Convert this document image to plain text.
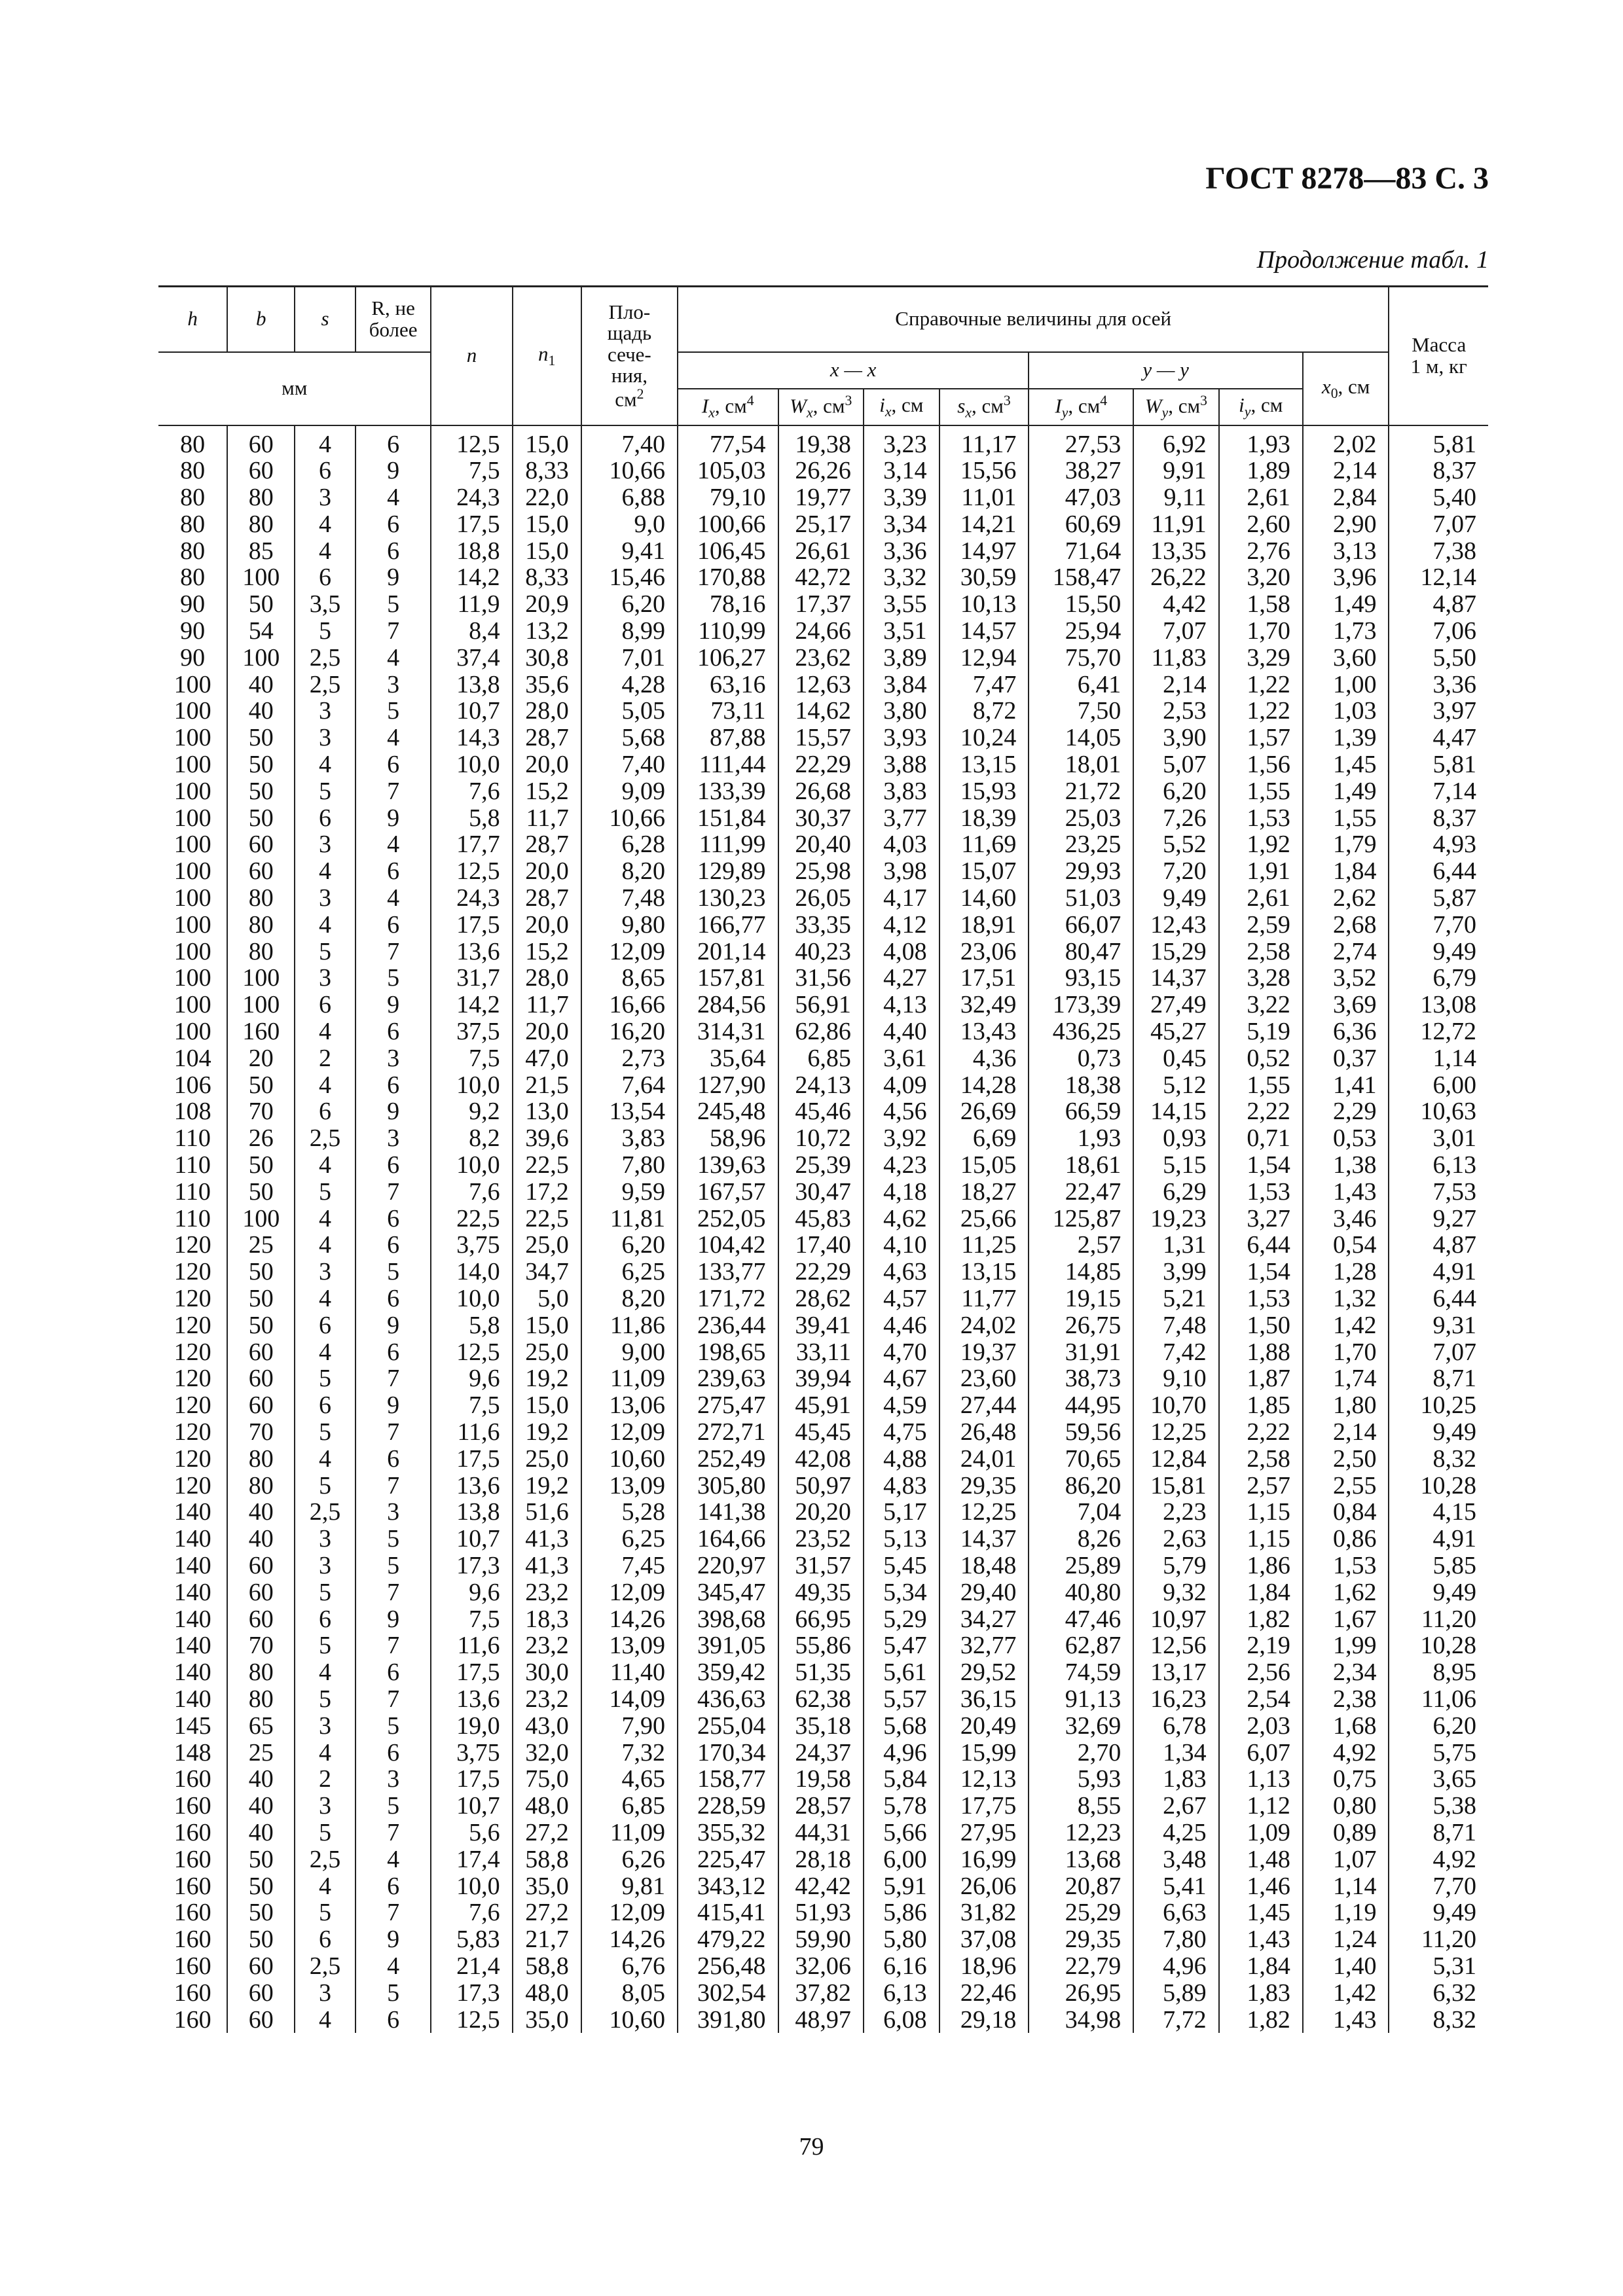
ГОСТ 8278—83 С. 3
Продолжение табл. 1
h	b	s	R, не более	n	$n_1$	Пло-
щадь
сече-
ния,
$см^2$	Справочные величины для осей								Масса
1 м, кг
мм							x — x				y — y			$x_0$, см	
							$I_x$, $см^4$	$W_x$, $см^3$	$i_x$, см	$s_x$, $см^3$	$I_y$, $см^4$	$W_y$, $см^3$	$i_y$, см		
80	60	4	6	12,5	15,0	7,40	77,54	19,38	3,23	11,17	27,53	6,92	1,93	2,02	5,81
80	60	6	9	7,5	8,33	10,66	105,03	26,26	3,14	15,56	38,27	9,91	1,89	2,14	8,37
80	80	3	4	24,3	22,0	6,88	79,10	19,77	3,39	11,01	47,03	9,11	2,61	2,84	5,40
80	80	4	6	17,5	15,0	9,0	100,66	25,17	3,34	14,21	60,69	11,91	2,60	2,90	7,07
80	85	4	6	18,8	15,0	9,41	106,45	26,61	3,36	14,97	71,64	13,35	2,76	3,13	7,38
80	100	6	9	14,2	8,33	15,46	170,88	42,72	3,32	30,59	158,47	26,22	3,20	3,96	12,14
90	50	3,5	5	11,9	20,9	6,20	78,16	17,37	3,55	10,13	15,50	4,42	1,58	1,49	4,87
90	54	5	7	8,4	13,2	8,99	110,99	24,66	3,51	14,57	25,94	7,07	1,70	1,73	7,06
90	100	2,5	4	37,4	30,8	7,01	106,27	23,62	3,89	12,94	75,70	11,83	3,29	3,60	5,50
100	40	2,5	3	13,8	35,6	4,28	63,16	12,63	3,84	7,47	6,41	2,14	1,22	1,00	3,36
100	40	3	5	10,7	28,0	5,05	73,11	14,62	3,80	8,72	7,50	2,53	1,22	1,03	3,97
100	50	3	4	14,3	28,7	5,68	87,88	15,57	3,93	10,24	14,05	3,90	1,57	1,39	4,47
100	50	4	6	10,0	20,0	7,40	111,44	22,29	3,88	13,15	18,01	5,07	1,56	1,45	5,81
100	50	5	7	7,6	15,2	9,09	133,39	26,68	3,83	15,93	21,72	6,20	1,55	1,49	7,14
100	50	6	9	5,8	11,7	10,66	151,84	30,37	3,77	18,39	25,03	7,26	1,53	1,55	8,37
100	60	3	4	17,7	28,7	6,28	111,99	20,40	4,03	11,69	23,25	5,52	1,92	1,79	4,93
100	60	4	6	12,5	20,0	8,20	129,89	25,98	3,98	15,07	29,93	7,20	1,91	1,84	6,44
100	80	3	4	24,3	28,7	7,48	130,23	26,05	4,17	14,60	51,03	9,49	2,61	2,62	5,87
100	80	4	6	17,5	20,0	9,80	166,77	33,35	4,12	18,91	66,07	12,43	2,59	2,68	7,70
100	80	5	7	13,6	15,2	12,09	201,14	40,23	4,08	23,06	80,47	15,29	2,58	2,74	9,49
100	100	3	5	31,7	28,0	8,65	157,81	31,56	4,27	17,51	93,15	14,37	3,28	3,52	6,79
100	100	6	9	14,2	11,7	16,66	284,56	56,91	4,13	32,49	173,39	27,49	3,22	3,69	13,08
100	160	4	6	37,5	20,0	16,20	314,31	62,86	4,40	13,43	436,25	45,27	5,19	6,36	12,72
104	20	2	3	7,5	47,0	2,73	35,64	6,85	3,61	4,36	0,73	0,45	0,52	0,37	1,14
106	50	4	6	10,0	21,5	7,64	127,90	24,13	4,09	14,28	18,38	5,12	1,55	1,41	6,00
108	70	6	9	9,2	13,0	13,54	245,48	45,46	4,56	26,69	66,59	14,15	2,22	2,29	10,63
110	26	2,5	3	8,2	39,6	3,83	58,96	10,72	3,92	6,69	1,93	0,93	0,71	0,53	3,01
110	50	4	6	10,0	22,5	7,80	139,63	25,39	4,23	15,05	18,61	5,15	1,54	1,38	6,13
110	50	5	7	7,6	17,2	9,59	167,57	30,47	4,18	18,27	22,47	6,29	1,53	1,43	7,53
110	100	4	6	22,5	22,5	11,81	252,05	45,83	4,62	25,66	125,87	19,23	3,27	3,46	9,27
120	25	4	6	3,75	25,0	6,20	104,42	17,40	4,10	11,25	2,57	1,31	6,44	0,54	4,87
120	50	3	5	14,0	34,7	6,25	133,77	22,29	4,63	13,15	14,85	3,99	1,54	1,28	4,91
120	50	4	6	10,0	5,0	8,20	171,72	28,62	4,57	11,77	19,15	5,21	1,53	1,32	6,44
120	50	6	9	5,8	15,0	11,86	236,44	39,41	4,46	24,02	26,75	7,48	1,50	1,42	9,31
120	60	4	6	12,5	25,0	9,00	198,65	33,11	4,70	19,37	31,91	7,42	1,88	1,70	7,07
120	60	5	7	9,6	19,2	11,09	239,63	39,94	4,67	23,60	38,73	9,10	1,87	1,74	8,71
120	60	6	9	7,5	15,0	13,06	275,47	45,91	4,59	27,44	44,95	10,70	1,85	1,80	10,25
120	70	5	7	11,6	19,2	12,09	272,71	45,45	4,75	26,48	59,56	12,25	2,22	2,14	9,49
120	80	4	6	17,5	25,0	10,60	252,49	42,08	4,88	24,01	70,65	12,84	2,58	2,50	8,32
120	80	5	7	13,6	19,2	13,09	305,80	50,97	4,83	29,35	86,20	15,81	2,57	2,55	10,28
140	40	2,5	3	13,8	51,6	5,28	141,38	20,20	5,17	12,25	7,04	2,23	1,15	0,84	4,15
140	40	3	5	10,7	41,3	6,25	164,66	23,52	5,13	14,37	8,26	2,63	1,15	0,86	4,91
140	60	3	5	17,3	41,3	7,45	220,97	31,57	5,45	18,48	25,89	5,79	1,86	1,53	5,85
140	60	5	7	9,6	23,2	12,09	345,47	49,35	5,34	29,40	40,80	9,32	1,84	1,62	9,49
140	60	6	9	7,5	18,3	14,26	398,68	66,95	5,29	34,27	47,46	10,97	1,82	1,67	11,20
140	70	5	7	11,6	23,2	13,09	391,05	55,86	5,47	32,77	62,87	12,56	2,19	1,99	10,28
140	80	4	6	17,5	30,0	11,40	359,42	51,35	5,61	29,52	74,59	13,17	2,56	2,34	8,95
140	80	5	7	13,6	23,2	14,09	436,63	62,38	5,57	36,15	91,13	16,23	2,54	2,38	11,06
145	65	3	5	19,0	43,0	7,90	255,04	35,18	5,68	20,49	32,69	6,78	2,03	1,68	6,20
148	25	4	6	3,75	32,0	7,32	170,34	24,37	4,96	15,99	2,70	1,34	6,07	4,92	5,75
160	40	2	3	17,5	75,0	4,65	158,77	19,58	5,84	12,13	5,93	1,83	1,13	0,75	3,65
160	40	3	5	10,7	48,0	6,85	228,59	28,57	5,78	17,75	8,55	2,67	1,12	0,80	5,38
160	40	5	7	5,6	27,2	11,09	355,32	44,31	5,66	27,95	12,23	4,25	1,09	0,89	8,71
160	50	2,5	4	17,4	58,8	6,26	225,47	28,18	6,00	16,99	13,68	3,48	1,48	1,07	4,92
160	50	4	6	10,0	35,0	9,81	343,12	42,42	5,91	26,06	20,87	5,41	1,46	1,14	7,70
160	50	5	7	7,6	27,2	12,09	415,41	51,93	5,86	31,82	25,29	6,63	1,45	1,19	9,49
160	50	6	9	5,83	21,7	14,26	479,22	59,90	5,80	37,08	29,35	7,80	1,43	1,24	11,20
160	60	2,5	4	21,4	58,8	6,76	256,48	32,06	6,16	18,96	22,79	4,96	1,84	1,40	5,31
160	60	3	5	17,3	48,0	8,05	302,54	37,82	6,13	22,46	26,95	5,89	1,83	1,42	6,32
160	60	4	6	12,5	35,0	10,60	391,80	48,97	6,08	29,18	34,98	7,72	1,82	1,43	8,32
79
